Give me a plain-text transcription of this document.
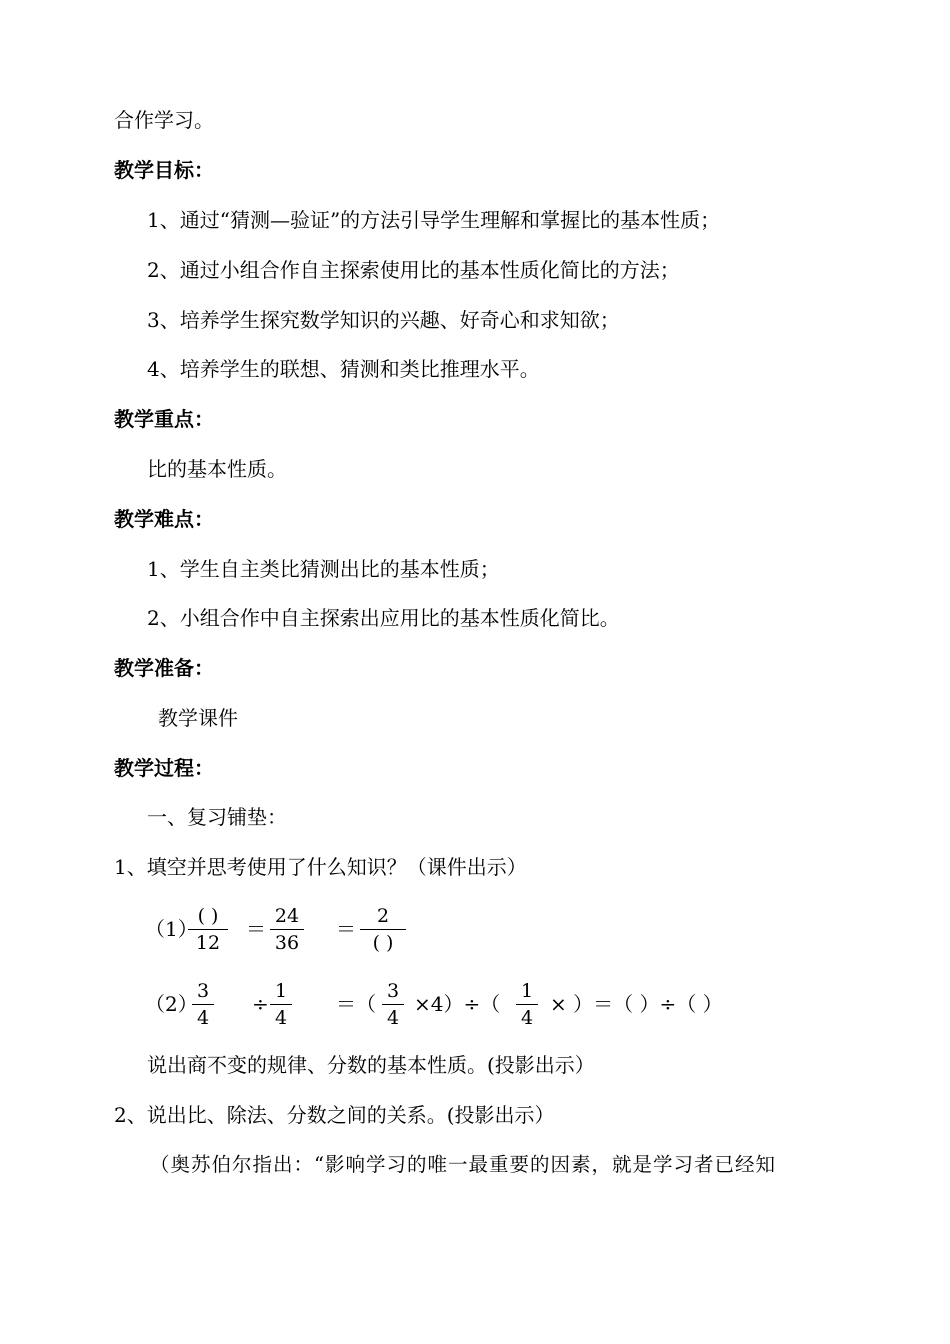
合作学习。
教学目标：
1、通过“猜测—验证”的方法引导学生理解和掌握比的基本性质；
2、通过小组合作自主探索使用比的基本性质化简比的方法；
3、培养学生探究数学知识的兴趣、好奇心和求知欲；
4、培养学生的联想、猜测和类比推理水平。
教学重点：
比的基本性质。
教学难点：
1、学生自主类比猜测出比的基本性质；
2、小组合作中自主探索出应用比的基本性质化简比。
教学准备：
教学课件
教学过程：
一、复习铺垫：
1、填空并思考使用了什么知识？（课件出示）
（1）
( )
12
＝
24
36
＝
2
( )
（2）
3
4
÷
1
4
＝（
3
4
×4）÷（
1
4
× ）＝（ ）÷（ ）
说出商不变的规律、分数的基本性质。(投影出示）
2、说出比、除法、分数之间的关系。(投影出示）
（奥苏伯尔指出：“影响学习的唯一最重要的因素，就是学习者已经知
